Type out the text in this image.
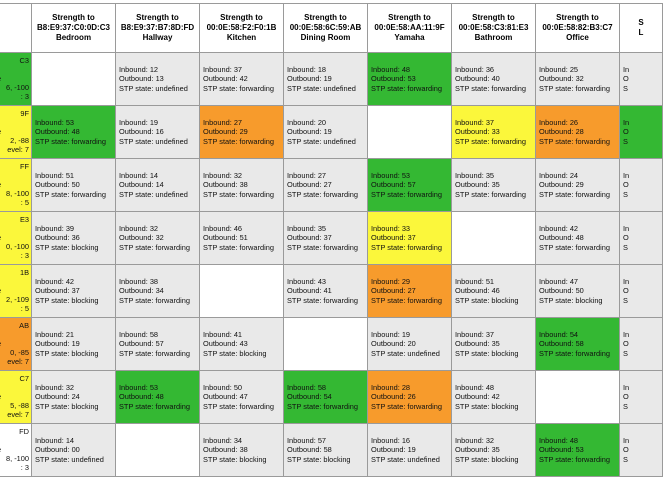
	Strength to
B8:E9:37:C0:0D:C3
Bedroom	Strength to
B8:E9:37:B7:8D:FD
Hallway	Strength to
00:0E:58:F2:F0:1B
Kitchen	Strength to
00:0E:58:6C:59:AB
Dining Room	Strength to
00:0E:58:AA:11:9F
Yamaha	Strength to
00:0E:58:C3:81:E3
Bathroom	Strength to
00:0E:58:82:B3:C7
Office	S
L

C3

6, -100
: 3		Inbound: 12
Outbound: 13
STP state: undefined	Inbound: 37
Outbound: 42
STP state: forwarding	Inbound: 18
Outbound: 19
STP state: undefined	Inbound: 48
Outbound: 53
STP state: forwarding	Inbound: 36
Outbound: 40
STP state: forwarding	Inbound: 25
Outbound: 32
STP state: forwarding	In
O
S

9F

2, -88
evel: 7	Inbound: 53
Outbound: 48
STP state: forwarding	Inbound: 19
Outbound: 16
STP state: undefined	Inbound: 27
Outbound: 29
STP state: forwarding	Inbound: 20
Outbound: 19
STP state: undefined		Inbound: 37
Outbound: 33
STP state: forwarding	Inbound: 26
Outbound: 28
STP state: forwarding	In
O
S

FF

8, -100
: 5	Inbound: 51
Outbound: 50
STP state: forwarding	Inbound: 14
Outbound: 14
STP state: undefined	Inbound: 32
Outbound: 38
STP state: forwarding	Inbound: 27
Outbound: 27
STP state: forwarding	Inbound: 53
Outbound: 57
STP state: forwarding	Inbound: 35
Outbound: 35
STP state: forwarding	Inbound: 24
Outbound: 29
STP state: forwarding	In
O
S

E3

0, -100
: 3	Inbound: 39
Outbound: 36
STP state: blocking	Inbound: 32
Outbound: 32
STP state: forwarding	Inbound: 46
Outbound: 51
STP state: forwarding	Inbound: 35
Outbound: 37
STP state: forwarding	Inbound: 33
Outbound: 37
STP state: forwarding		Inbound: 42
Outbound: 48
STP state: forwarding	In
O
S

1B

2, -109
: 5	Inbound: 42
Outbound: 37
STP state: blocking	Inbound: 38
Outbound: 34
STP state: forwarding		Inbound: 43
Outbound: 41
STP state: forwarding	Inbound: 29
Outbound: 27
STP state: forwarding	Inbound: 51
Outbound: 46
STP state: blocking	Inbound: 47
Outbound: 50
STP state: blocking	In
O
S

AB

0, -85
evel: 7	Inbound: 21
Outbound: 19
STP state: blocking	Inbound: 58
Outbound: 57
STP state: forwarding	Inbound: 41
Outbound: 43
STP state: blocking		Inbound: 19
Outbound: 20
STP state: undefined	Inbound: 37
Outbound: 35
STP state: blocking	Inbound: 54
Outbound: 58
STP state: forwarding	In
O
S

C7

5, -88
evel: 7	Inbound: 32
Outbound: 24
STP state: blocking	Inbound: 53
Outbound: 48
STP state: forwarding	Inbound: 50
Outbound: 47
STP state: forwarding	Inbound: 58
Outbound: 54
STP state: forwarding	Inbound: 28
Outbound: 26
STP state: forwarding	Inbound: 48
Outbound: 42
STP state: blocking		In
O
S

FD

8, -100
: 3	Inbound: 14
Outbound: 00
STP state: undefined		Inbound: 34
Outbound: 38
STP state: blocking	Inbound: 57
Outbound: 58
STP state: blocking	Inbound: 16
Outbound: 19
STP state: undefined	Inbound: 32
Outbound: 35
STP state: blocking	Inbound: 48
Outbound: 53
STP state: forwarding	In
O
S
